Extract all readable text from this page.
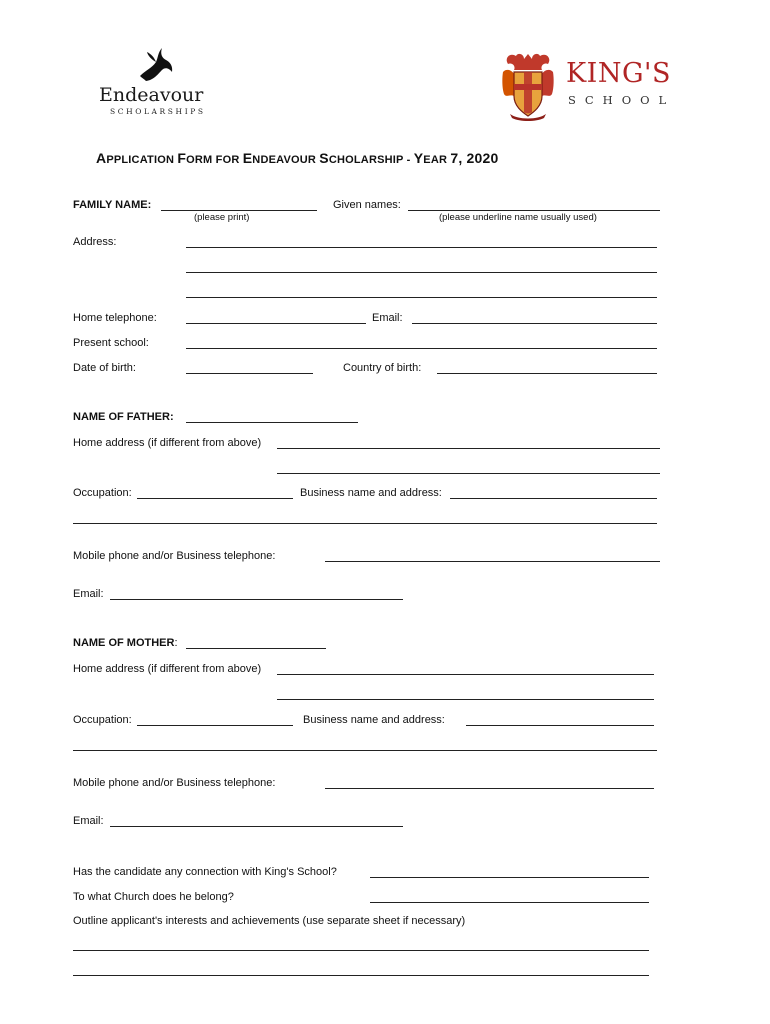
Endeavour
SCHOLARSHIPS
KING'S
SCHOOL
APPLICATION FORM FOR ENDEAVOUR SCHOLARSHIP - YEAR 7, 2020
FAMILY NAME:
(please print)
Given names:
(please underline name usually used)
Address:
Home telephone:	Email:
Present school:
Date of birth:	Country of birth:
NAME OF FATHER:
Home address (if different from above)
Occupation:	Business name and address:
Mobile phone and/or Business telephone:
Email:
NAME OF MOTHER:
Home address (if different from above)
Occupation:	Business name and address:
Mobile phone and/or Business telephone:
Email:
Has the candidate any connection with King's School?
To what Church does he belong?
Outline applicant's interests and achievements (use separate sheet if necessary)
